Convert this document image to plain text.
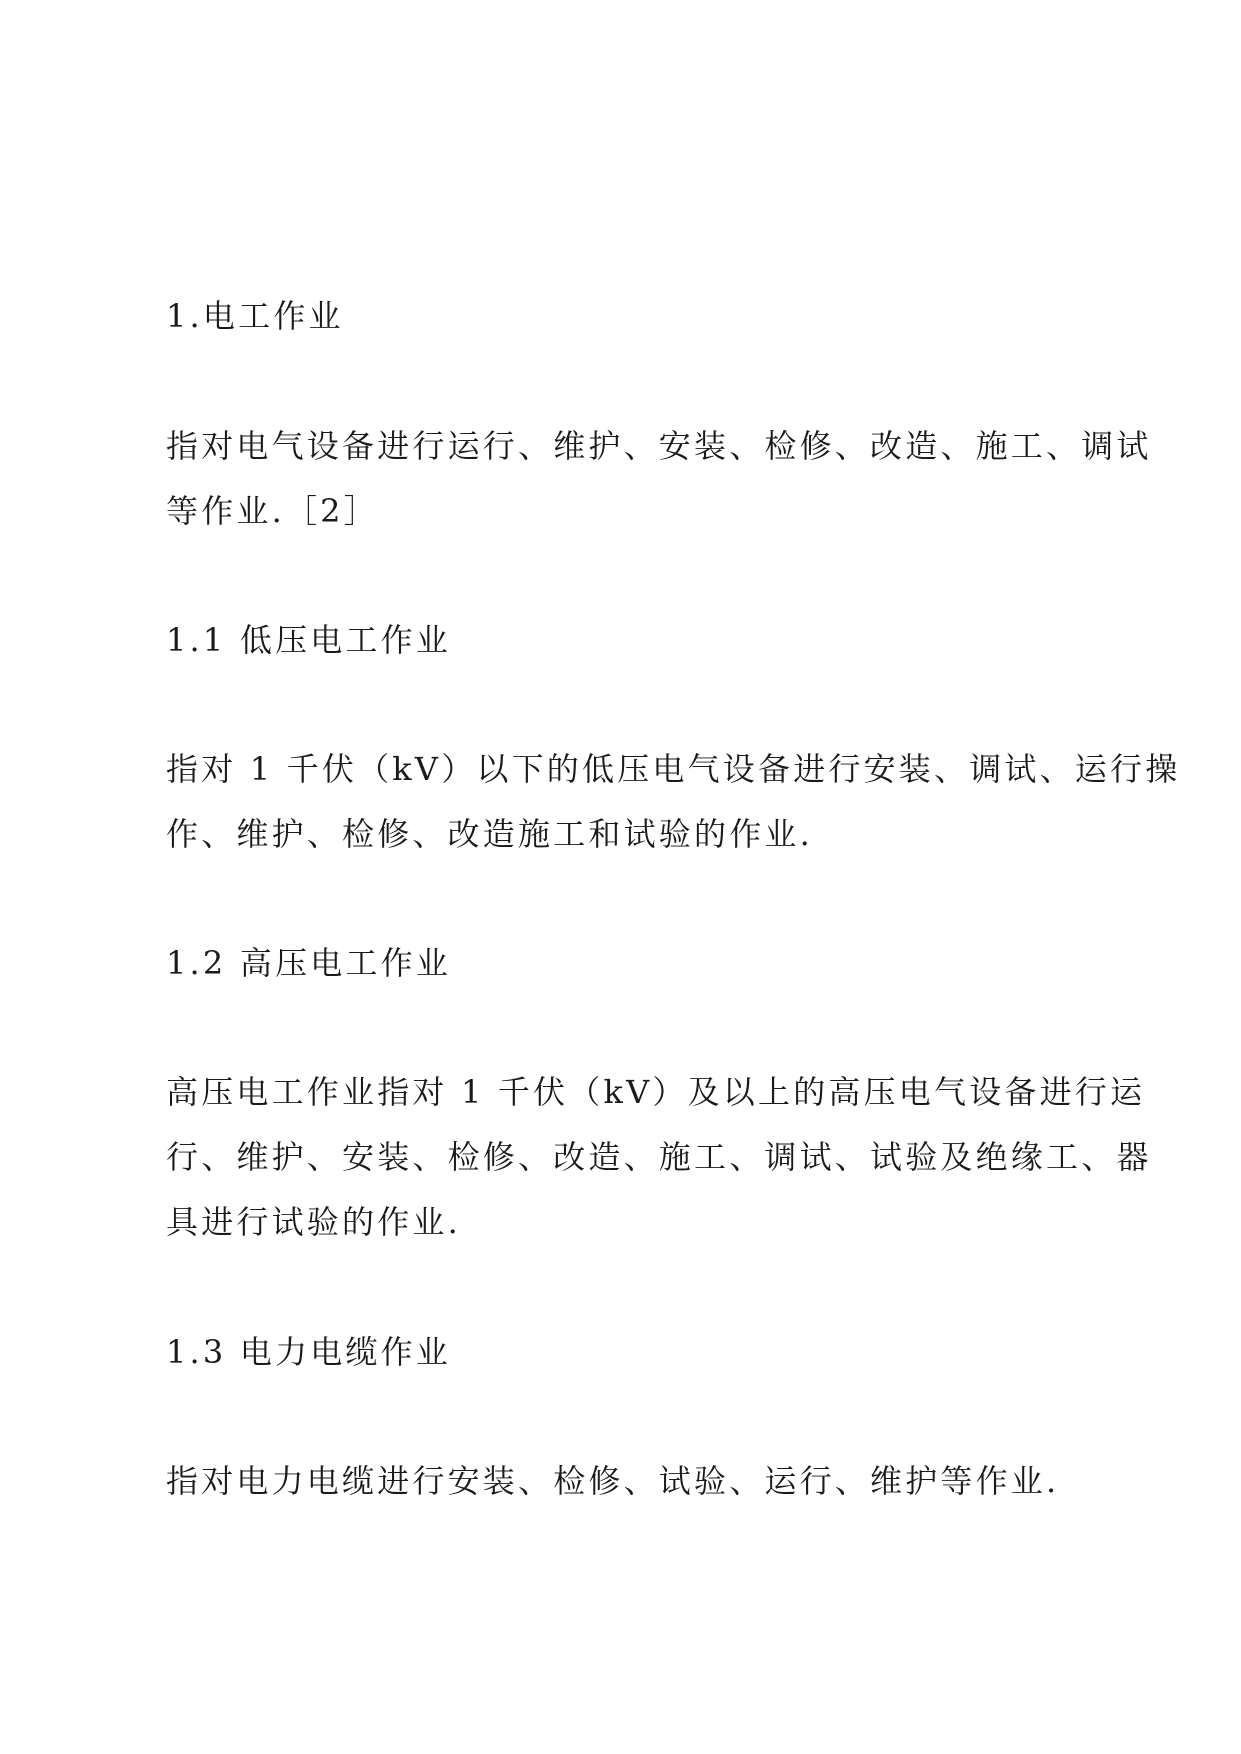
1.电工作业
指对电气设备进行运行、维护、安装、检修、改造、施工、调试
等作业.［2］
1.1 低压电工作业
指对 1 千伏（kV）以下的低压电气设备进行安装、调试、运行操
作、维护、检修、改造施工和试验的作业.
1.2 高压电工作业
高压电工作业指对 1 千伏（kV）及以上的高压电气设备进行运
行、维护、安装、检修、改造、施工、调试、试验及绝缘工、器
具进行试验的作业.
1.3 电力电缆作业
指对电力电缆进行安装、检修、试验、运行、维护等作业.
